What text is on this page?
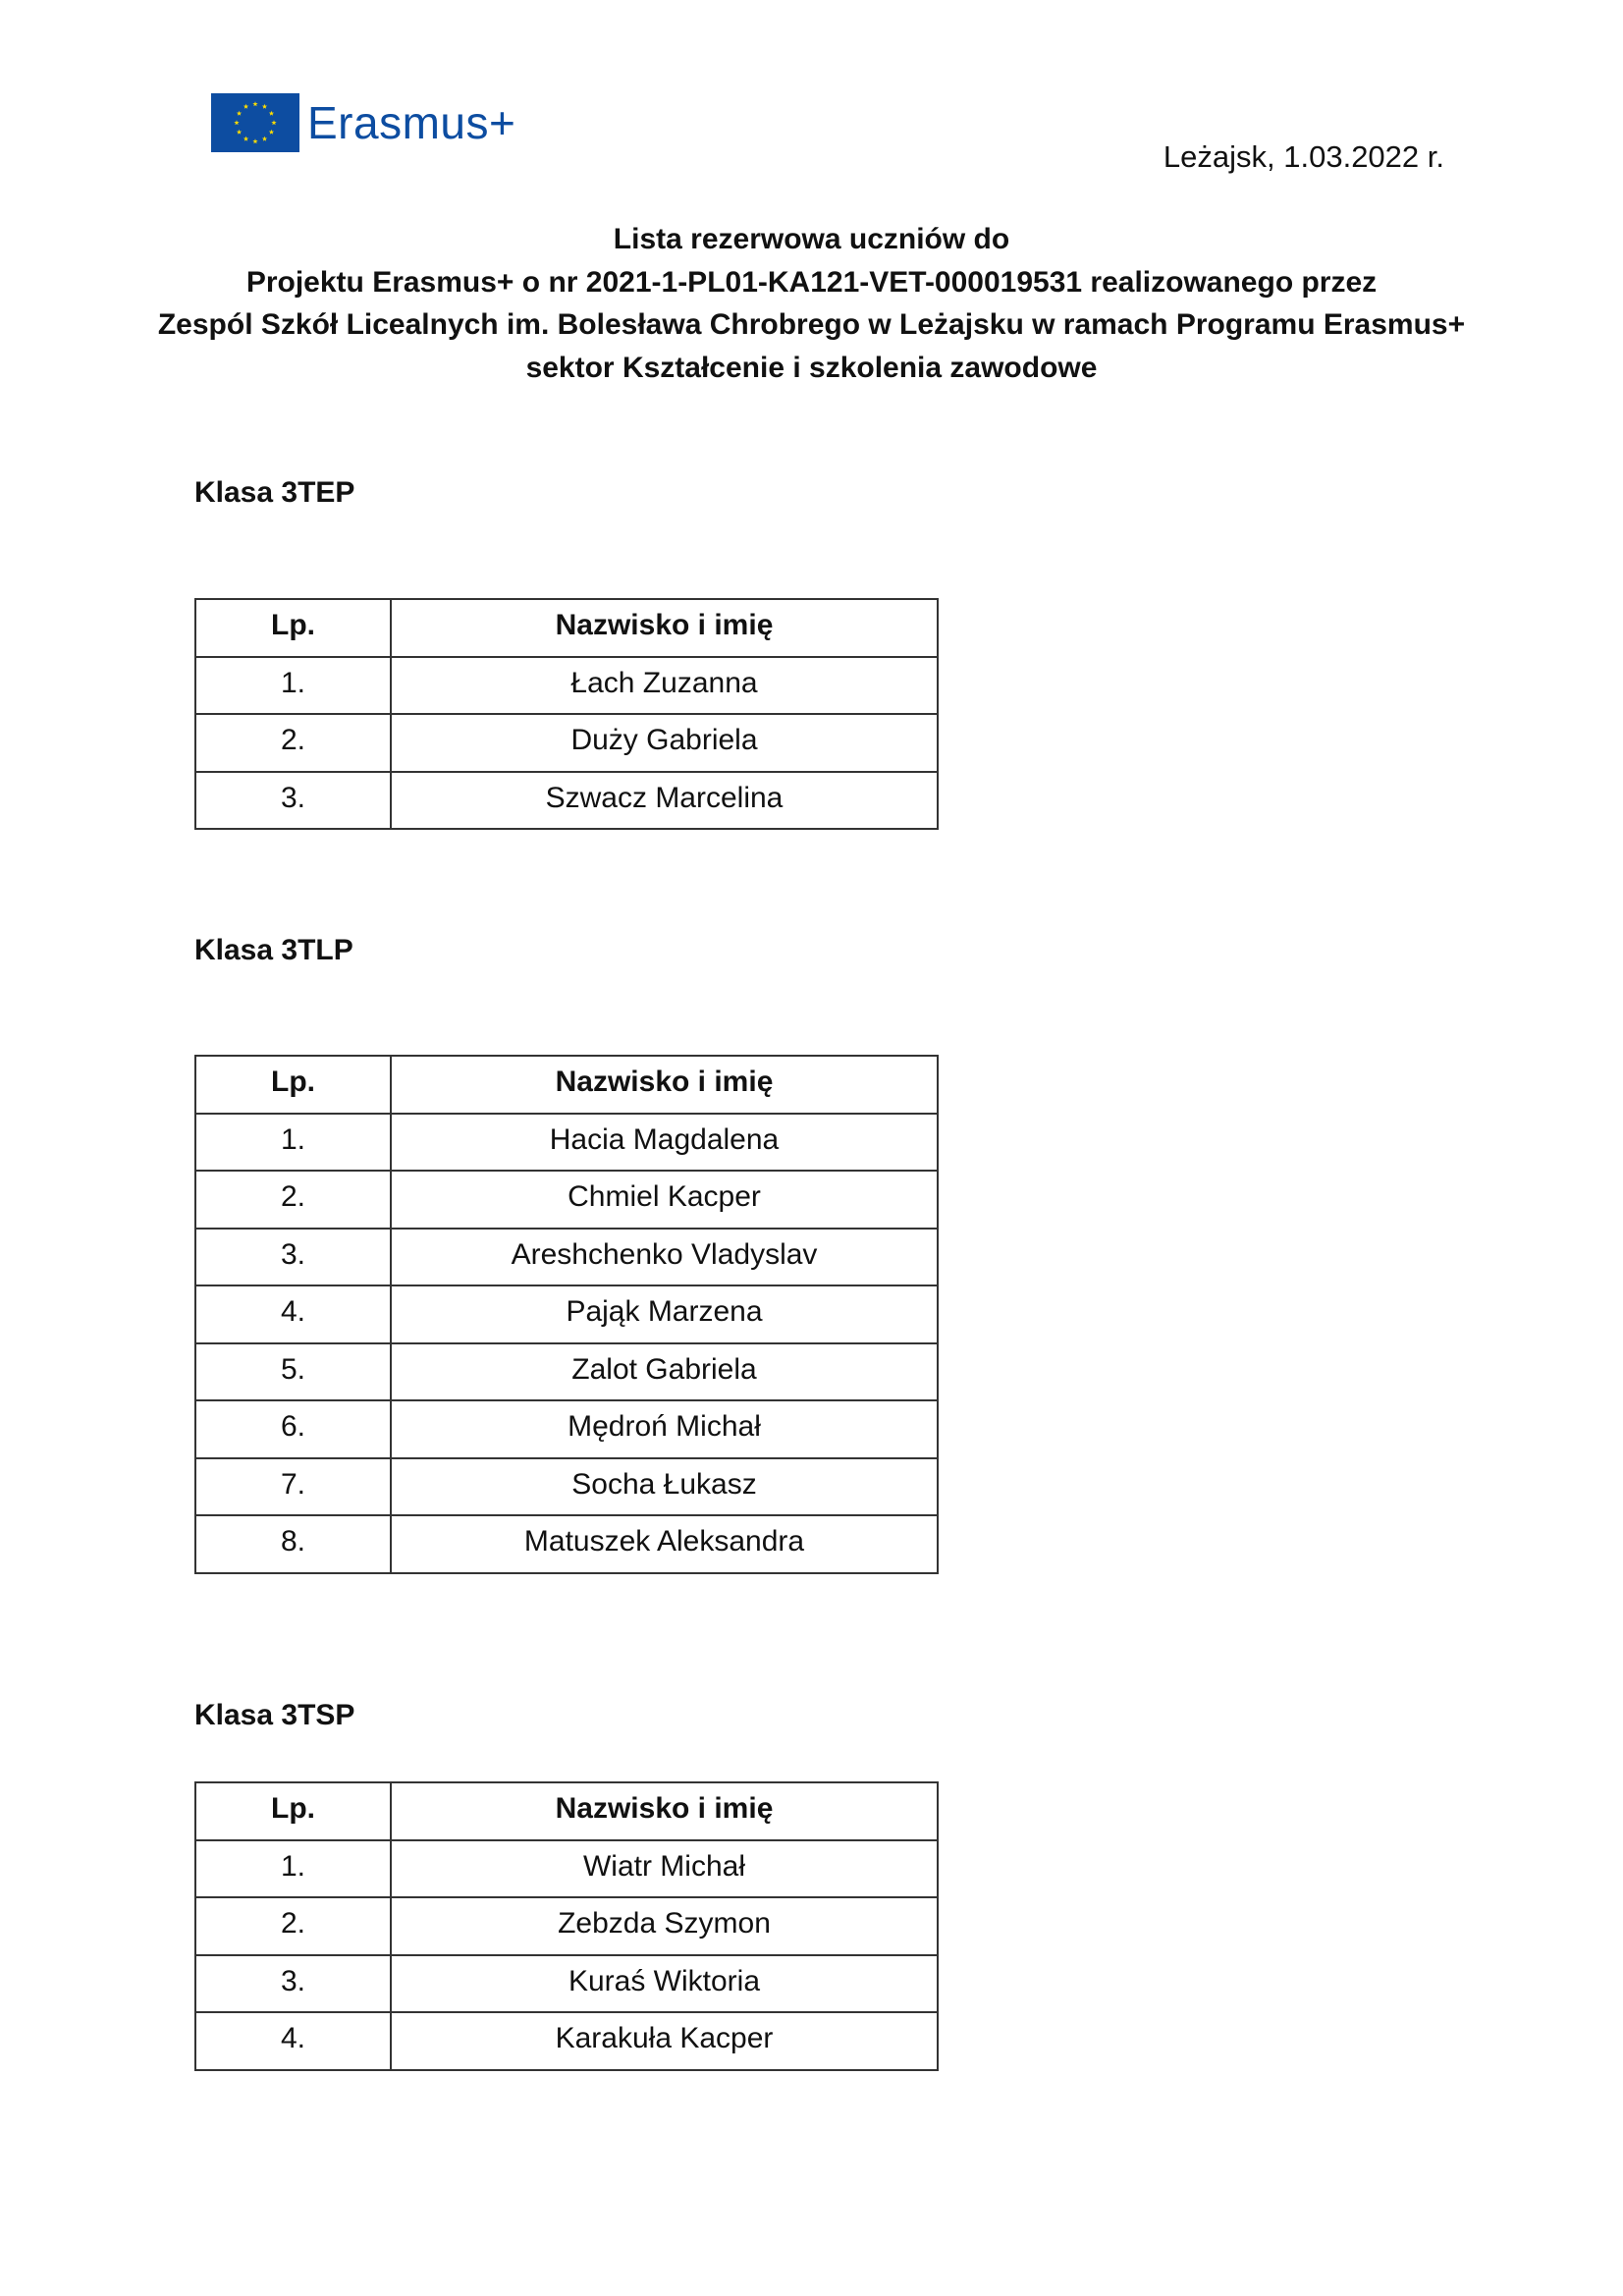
Erasmus+
Leżajsk, 1.03.2022 r.
Lista rezerwowa uczniów do
Projektu Erasmus+ o nr 2021-1-PL01-KA121-VET-000019531 realizowanego przez
Zespól Szkół Licealnych im. Bolesława Chrobrego w Leżajsku w ramach Programu Erasmus+
sektor Kształcenie i szkolenia zawodowe
Klasa 3TEP
Lp.	Nazwisko i imię
1.	Łach Zuzanna
2.	Duży Gabriela
3.	Szwacz Marcelina
Klasa 3TLP
Lp.	Nazwisko i imię
1.	Hacia Magdalena
2.	Chmiel Kacper
3.	Areshchenko Vladyslav
4.	Pająk Marzena
5.	Zalot Gabriela
6.	Mędroń Michał
7.	Socha Łukasz
8.	Matuszek Aleksandra
Klasa 3TSP
Lp.	Nazwisko i imię
1.	Wiatr Michał
2.	Zebzda Szymon
3.	Kuraś Wiktoria
4.	Karakuła Kacper
